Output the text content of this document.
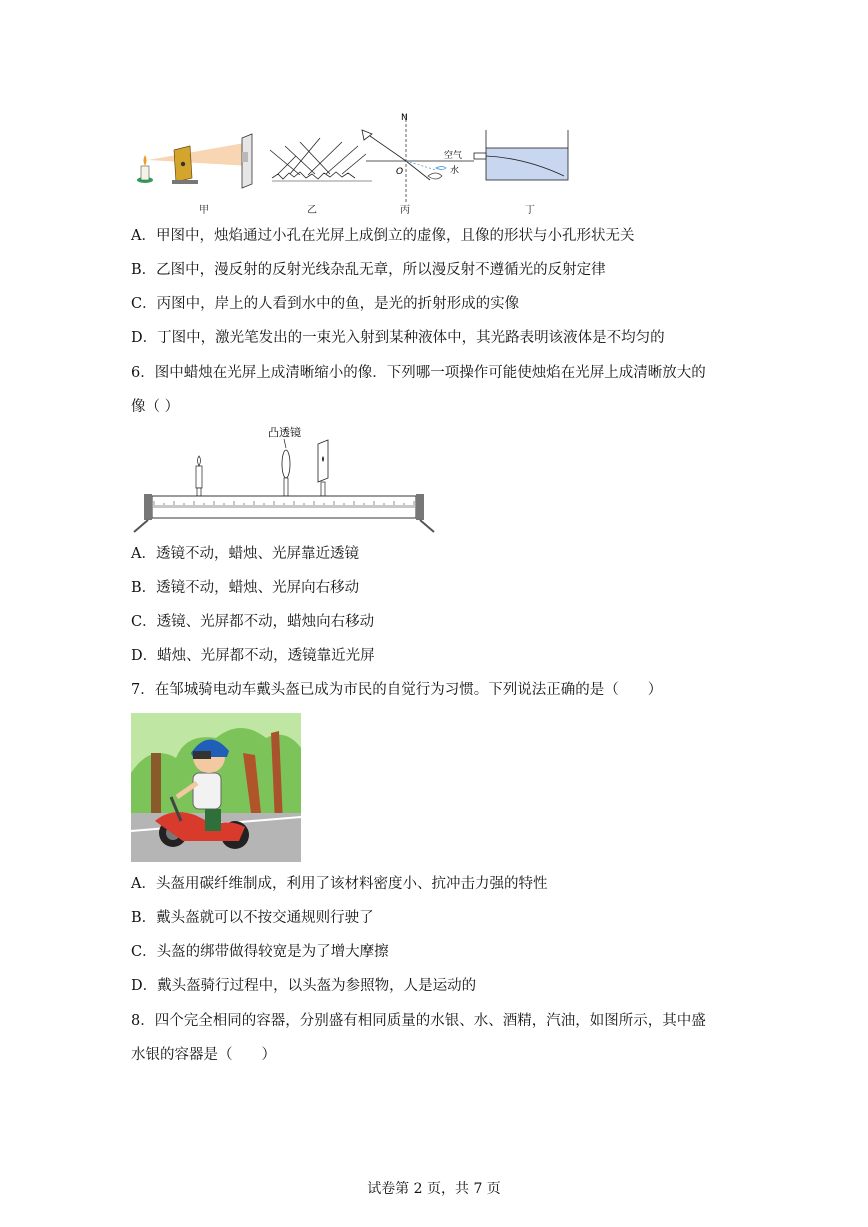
N
O
空气
水
甲	乙	丙	丁
A．甲图中，烛焰通过小孔在光屏上成倒立的虚像，且像的形状与小孔形状无关
B．乙图中，漫反射的反射光线杂乱无章，所以漫反射不遵循光的反射定律
C．丙图中，岸上的人看到水中的鱼，是光的折射形成的实像
D．丁图中，激光笔发出的一束光入射到某种液体中，其光路表明该液体是不均匀的
6．图中蜡烛在光屏上成清晰缩小的像．下列哪一项操作可能使烛焰在光屏上成清晰放大的
像（ ）
凸透镜
A．透镜不动，蜡烛、光屏靠近透镜
B．透镜不动，蜡烛、光屏向右移动
C．透镜、光屏都不动，蜡烛向右移动
D．蜡烛、光屏都不动，透镜靠近光屏
7．在邹城骑电动车戴头盔已成为市民的自觉行为习惯。下列说法正确的是（　　）
A．头盔用碳纤维制成，利用了该材料密度小、抗冲击力强的特性
B．戴头盔就可以不按交通规则行驶了
C．头盔的绑带做得较宽是为了增大摩擦
D．戴头盔骑行过程中，以头盔为参照物，人是运动的
8．四个完全相同的容器，分别盛有相同质量的水银、水、酒精，汽油，如图所示，其中盛
水银的容器是（　　）
试卷第 2 页，共 7 页
